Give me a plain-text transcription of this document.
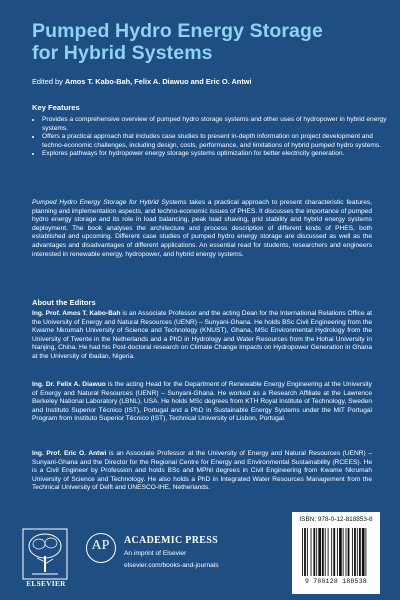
Pumped Hydro Energy Storage
for Hybrid Systems
Edited by Amos T. Kabo-Bah, Felix A. Diawuo and Eric O. Antwi
Key Features
• Provides a comprehensive overview of pumped hydro storage systems and other uses of hydropower in hybrid energy systems.
• Offers a practical approach that includes case studies to present in-depth information on project development and techno-economic challenges, including design, costs, performance, and limitations of hybrid pumped hydro systems.
• Explores pathways for hydropower energy storage systems optimization for better electricity generation.
Pumped Hydro Energy Storage for Hybrid Systems takes a practical approach to present characteristic features, planning and implementation aspects, and techno-economic issues of PHES. It discusses the importance of pumped hydro energy storage and its role in load balancing, peak load shaving, grid stability and hybrid energy systems deployment. The book analyses the architecture and process description of different kinds of PHES, both established and upcoming. Different case studies of pumped hydro energy storage are discussed as well as the advantages and disadvantages of different applications. An essential read for students, researchers and engineers interested in renewable energy, hydropower, and hybrid energy systems.
About the Editors
Ing. Prof. Amos T. Kabo-Bah is an Associate Professor and the acting Dean for the International Relations Office at the University of Energy and Natural Resources (UENR) – Sunyani-Ghana. He holds BSc Civil Engineering from the Kwame Nkrumah University of Science and Technology (KNUST), Ghana, MSc Environmental Hydrology from the University of Twente in the Netherlands and a PhD in Hydrology and Water Resources from the Hohai University in Nanjing, China. He had his Post-doctoral research on Climate Change Impacts on Hydropower Generation in Ghana at the University of Ibadan, Nigeria.
Ing. Dr. Felix A. Diawuo is the acting Head for the Department of Renewable Energy Engineering at the University of Energy and Natural Resources (UENR) – Sunyani-Ghana. He worked as a Research Affiliate at the Lawrence Berkeley National Laboratory (LBNL), USA. He holds MSc degrees from KTH Royal Institute of Technology, Sweden and Instituto Superior Técnico (IST), Portugal and a PhD in Sustainable Energy Systems under the MIT Portugal Program from Instituto Superior Técnico (IST), Technical University of Lisbon, Portugal.
Ing. Prof. Eric O. Antwi is an Associate Professor at the University of Energy and Natural Resources (UENR) – Sunyani-Ghana and the Director for the Regional Centre for Energy and Environmental Sustainability (RCEES). He is a Civil Engineer by Profession and holds BSc and MPhil degrees in Civil Engineering from Kwame Nkrumah University of Science and Technology. He also holds a PhD in Integrated Water Resources Management from the Technical University of Delft and UNESCO-IHE, Netherlands.
ELSEVIER
AP	ACADEMIC PRESS
An imprint of Elsevier
elsevier.com/books-and-journals
ISBN: 978-0-12-818853-8
9 780128 188538
